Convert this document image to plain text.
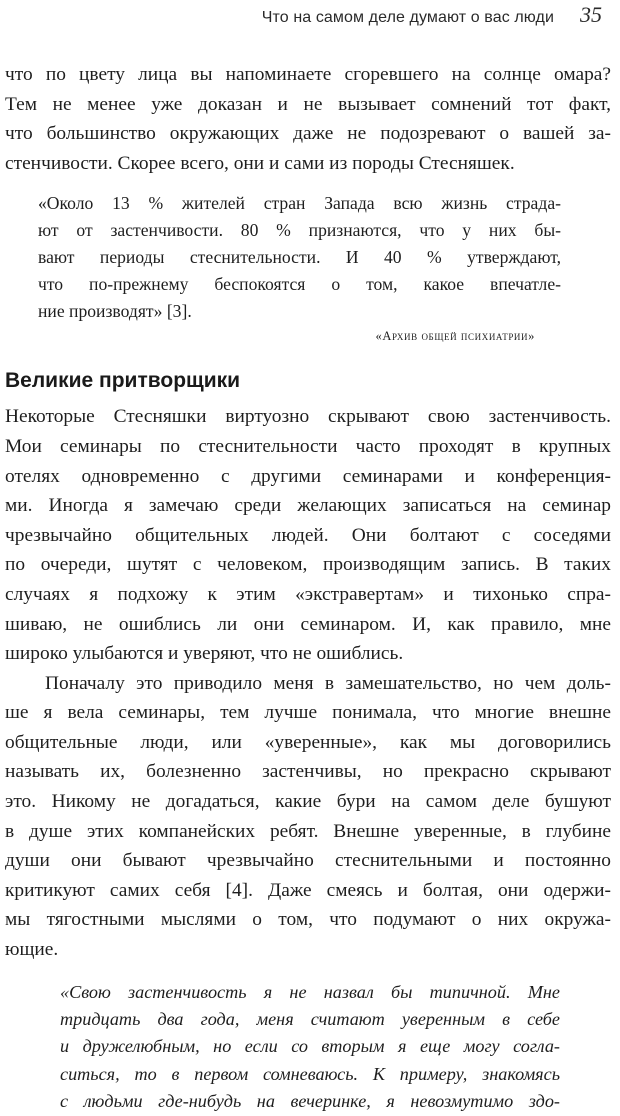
Что на самом деле думают о вас люди 35
что по цвету лица вы напоминаете сгоревшего на солнце омара?
Тем не менее уже доказан и не вызывает сомнений тот факт,
что большинство окружающих даже не подозревают о вашей за-
стенчивости. Скорее всего, они и сами из породы Стесняшек.
«Около 13 % жителей стран Запада всю жизнь страда-
ют от застенчивости. 80 % признаются, что у них бы-
вают периоды стеснительности. И 40 % утверждают,
что по-прежнему беспокоятся о том, какое впечатле-
ние производят» [3].
«Архив общей психиатрии»
Великие притворщики
Некоторые Стесняшки виртуозно скрывают свою застенчивость.
Мои семинары по стеснительности часто проходят в крупных
отелях одновременно с другими семинарами и конференция-
ми. Иногда я замечаю среди желающих записаться на семинар
чрезвычайно общительных людей. Они болтают с соседями
по очереди, шутят с человеком, производящим запись. В таких
случаях я подхожу к этим «экстравертам» и тихонько спра-
шиваю, не ошиблись ли они семинаром. И, как правило, мне
широко улыбаются и уверяют, что не ошиблись.
Поначалу это приводило меня в замешательство, но чем доль-
ше я вела семинары, тем лучше понимала, что многие внешне
общительные люди, или «уверенные», как мы договорились
называть их, болезненно застенчивы, но прекрасно скрывают
это. Никому не догадаться, какие бури на самом деле бушуют
в душе этих компанейских ребят. Внешне уверенные, в глубине
души они бывают чрезвычайно стеснительными и постоянно
критикуют самих себя [4]. Даже смеясь и болтая, они одержи-
мы тягостными мыслями о том, что подумают о них окружа-
ющие.
«Свою застенчивость я не назвал бы типичной. Мне
тридцать два года, меня считают уверенным в себе
и дружелюбным, но если со вторым я еще могу согла-
ситься, то в первом сомневаюсь. К примеру, знакомясь
с людьми где-нибудь на вечеринке, я невозмутимо здо-
